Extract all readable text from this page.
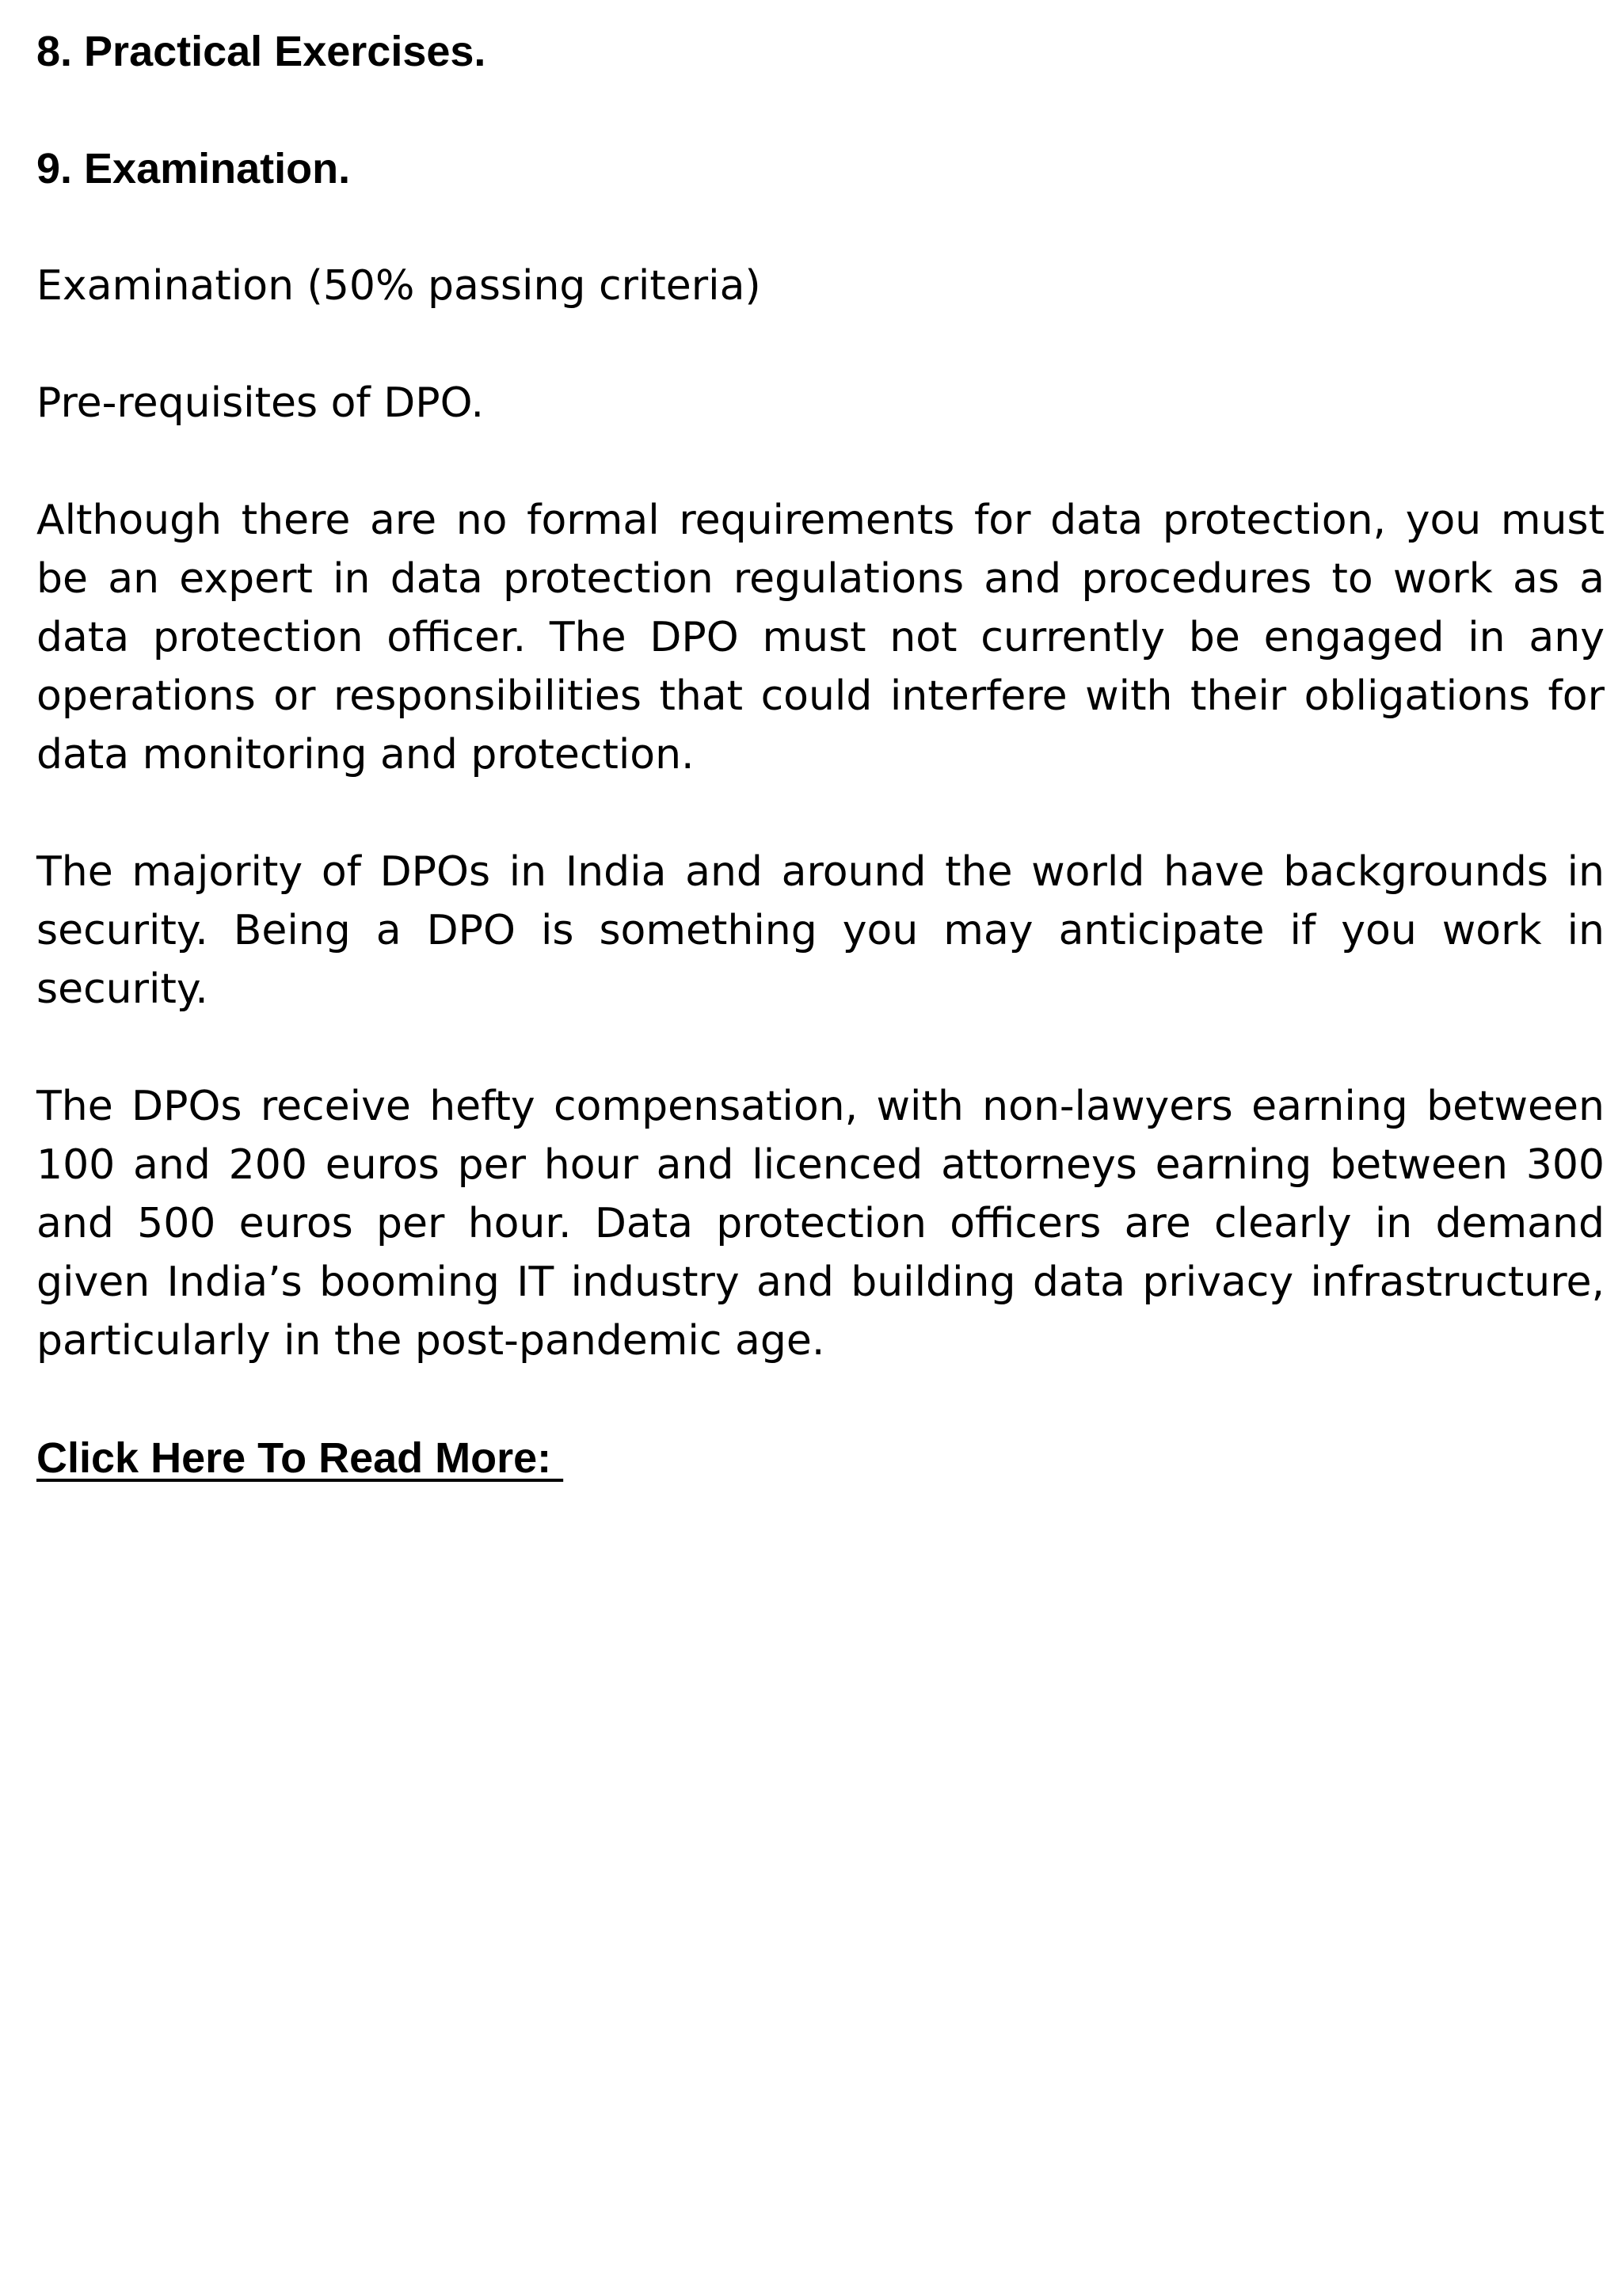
8. Practical Exercises.
9. Examination.
Examination (50% passing criteria)
Pre-requisites of DPO.

Although there are no formal requirements for data protection, you must be an expert in data protection regulations and procedures to work as a data protection officer. The DPO must not currently be engaged in any operations or responsibilities that could interfere with their obligations for data monitoring and protection.

The majority of DPOs in India and around the world have backgrounds in security. Being a DPO is something you may anticipate if you work in security.

The DPOs receive hefty compensation, with non-lawyers earning between 100 and 200 euros per hour and licenced attorneys earning between 300 and 500 euros per hour. Data protection officers are clearly in demand given India’s booming IT industry and building data privacy infrastructure, particularly in the post-pandemic age.

Click Here To Read More:
